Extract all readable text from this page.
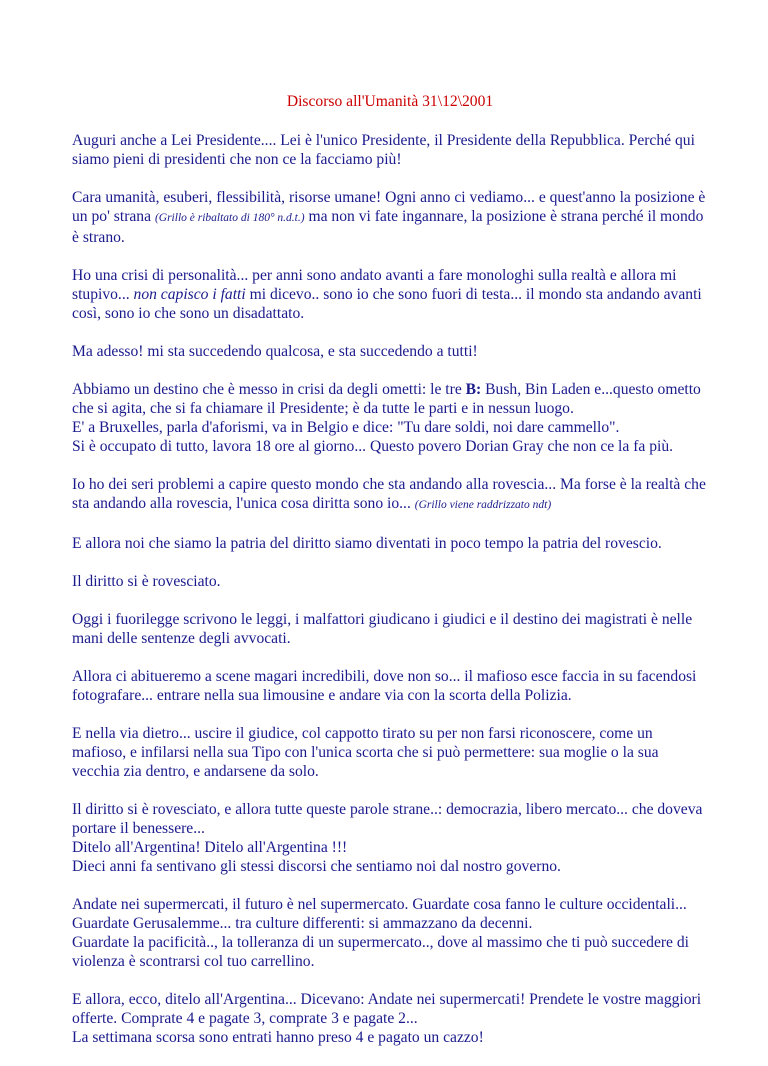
Discorso all'Umanità 31\12\2001

Auguri anche a Lei Presidente.... Lei è l'unico Presidente, il Presidente della Repubblica. Perché qui siamo pieni di presidenti che non ce la facciamo più!

Cara umanità, esuberi, flessibilità, risorse umane! Ogni anno ci vediamo... e quest'anno la posizione è un po' strana (Grillo è ribaltato di 180° n.d.t.) ma non vi fate ingannare, la posizione è strana perché il mondo è strano.

Ho una crisi di personalità... per anni sono andato avanti a fare monologhi sulla realtà e allora mi stupivo... non capisco i fatti mi dicevo.. sono io che sono fuori di testa... il mondo sta andando avanti così, sono io che sono un disadattato.

Ma adesso! mi sta succedendo qualcosa, e sta succedendo a tutti!

Abbiamo un destino che è messo in crisi da degli ometti: le tre B: Bush, Bin Laden e...questo ometto che si agita, che si fa chiamare il Presidente; è da tutte le parti e in nessun luogo.
E' a Bruxelles, parla d'aforismi, va in Belgio e dice: "Tu dare soldi, noi dare cammello".
Si è occupato di tutto, lavora 18 ore al giorno... Questo povero Dorian Gray che non ce la fa più.

Io ho dei seri problemi a capire questo mondo che sta andando alla rovescia... Ma forse è la realtà che sta andando alla rovescia, l'unica cosa diritta sono io... (Grillo viene raddrizzato ndt)

E allora noi che siamo la patria del diritto siamo diventati in poco tempo la patria del rovescio.

Il diritto si è rovesciato.

Oggi i fuorilegge scrivono le leggi, i malfattori giudicano i giudici e il destino dei magistrati è nelle mani delle sentenze degli avvocati.

Allora ci abitueremo a scene magari incredibili, dove non so... il mafioso esce faccia in su facendosi fotografare... entrare nella sua limousine e andare via con la scorta della Polizia.

E nella via dietro... uscire il giudice, col cappotto tirato su per non farsi riconoscere, come un mafioso, e infilarsi nella sua Tipo con l'unica scorta che si può permettere: sua moglie o la sua vecchia zia dentro, e andarsene da solo.

Il diritto si è rovesciato, e allora tutte queste parole strane..: democrazia, libero mercato... che doveva portare il benessere...
Ditelo all'Argentina! Ditelo all'Argentina !!!
Dieci anni fa sentivano gli stessi discorsi che sentiamo noi dal nostro governo.

Andate nei supermercati, il futuro è nel supermercato. Guardate cosa fanno le culture occidentali...
Guardate Gerusalemme... tra culture differenti: si ammazzano da decenni.
Guardate la pacificità.., la tolleranza di un supermercato.., dove al massimo che ti può succedere di violenza è scontrarsi col tuo carrellino.

E allora, ecco, ditelo all'Argentina... Dicevano: Andate nei supermercati! Prendete le vostre maggiori offerte. Comprate 4 e pagate 3, comprate 3 e pagate 2...
La settimana scorsa sono entrati hanno preso 4 e pagato un cazzo!
